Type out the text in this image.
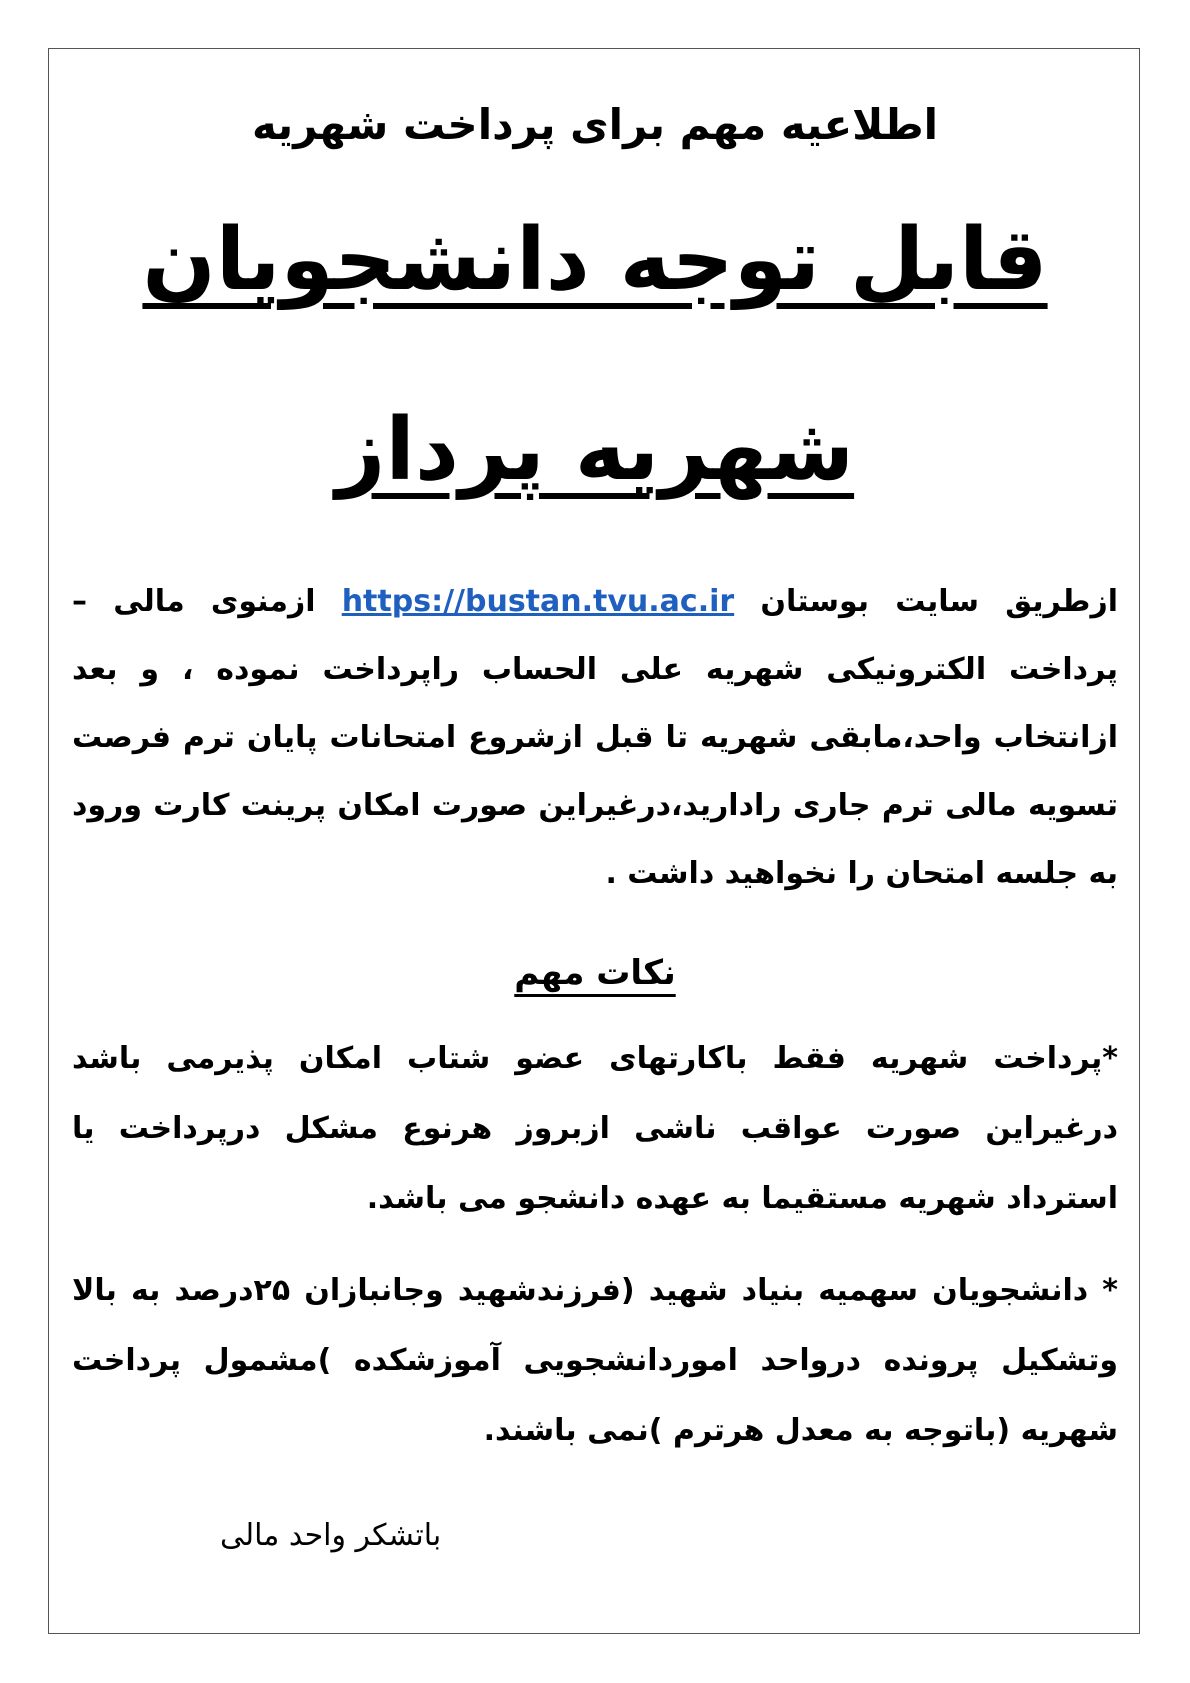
اطلاعیه مهم برای پرداخت شهریه

قابل توجه دانشجویان

شهریه پرداز

ازطریق سایت بوستان https://bustan.tvu.ac.ir ازمنوی مالی – پرداخت الکترونیکی شهریه علی الحساب راپرداخت نموده ، و بعد ازانتخاب واحد،مابقی شهریه تا قبل ازشروع امتحانات پایان ترم فرصت تسویه مالی ترم جاری رادارید،درغیراین صورت امکان پرینت کارت ورود به جلسه امتحان را نخواهید داشت .

نکات مهم

*پرداخت شهریه فقط باکارتهای عضو شتاب امکان پذیرمی باشد درغیراین صورت عواقب ناشی ازبروز هرنوع مشکل درپرداخت یا استرداد شهریه مستقیما به عهده دانشجو می باشد.

* دانشجویان سهمیه بنیاد شهید (فرزندشهید وجانبازان ۲۵درصد به بالا وتشکیل پرونده درواحد اموردانشجویی آموزشکده )مشمول پرداخت شهریه (باتوجه به معدل هرترم )نمی باشند.

باتشکر واحد مالی
